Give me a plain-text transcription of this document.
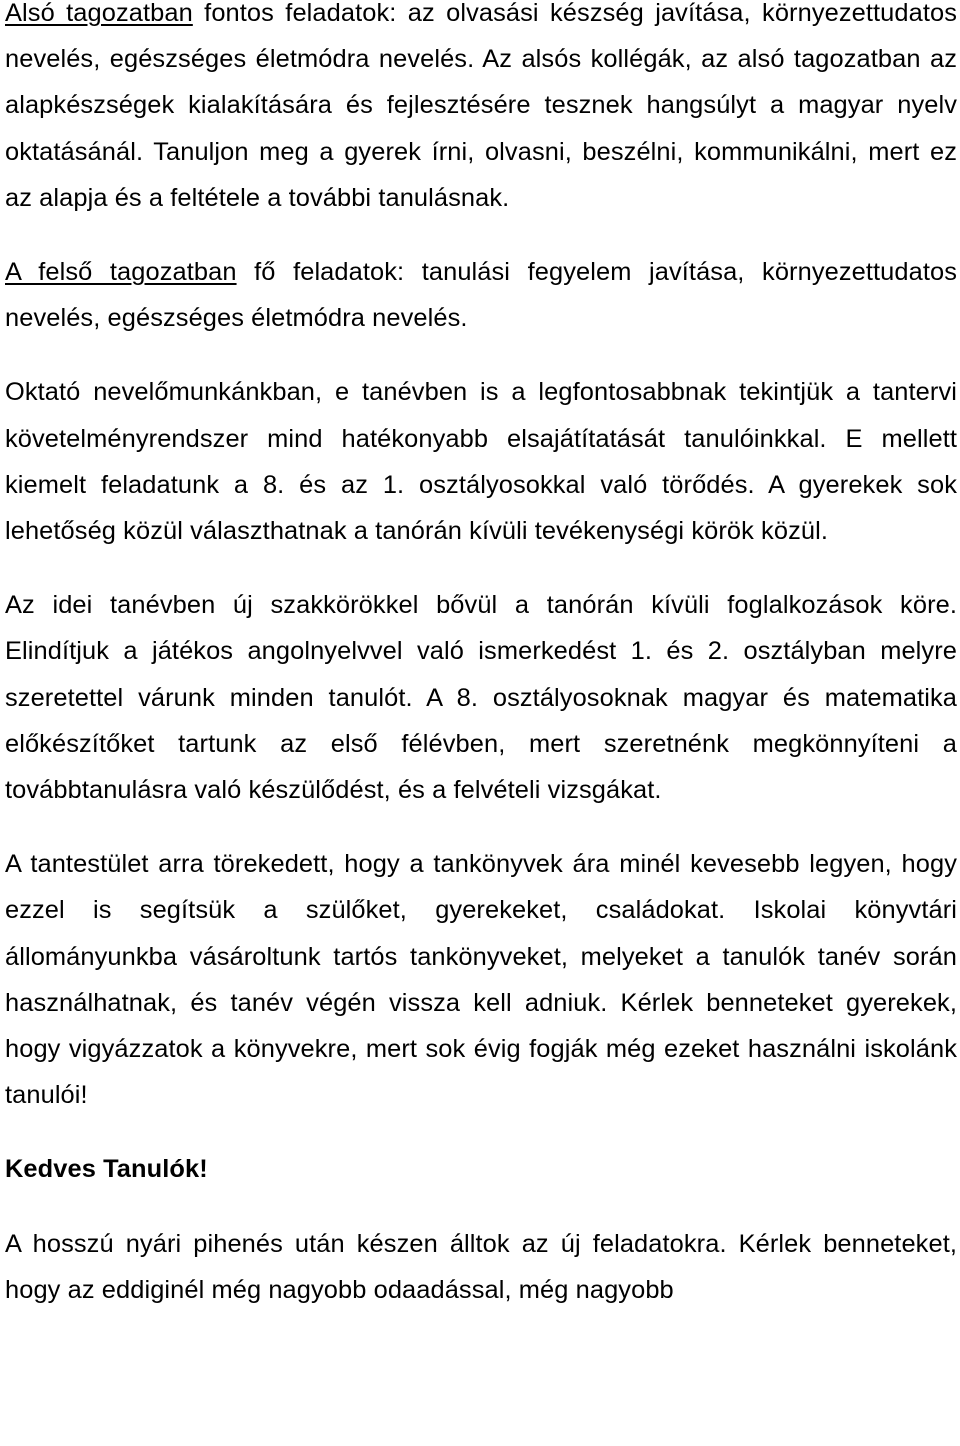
Alsó tagozatban fontos feladatok: az olvasási készség javítása, környezettudatos nevelés, egészséges életmódra nevelés. Az alsós kollégák, az alsó tagozatban az alapkészségek kialakítására és fejlesztésére tesznek hangsúlyt a magyar nyelv oktatásánál. Tanuljon meg a gyerek írni, olvasni, beszélni, kommunikálni, mert ez az alapja és a feltétele a további tanulásnak.

A felső tagozatban fő feladatok: tanulási fegyelem javítása, környezettudatos nevelés, egészséges életmódra nevelés.

Oktató nevelőmunkánkban, e tanévben is a legfontosabbnak tekintjük a tantervi követelményrendszer mind hatékonyabb elsajátítatását tanulóinkkal. E mellett kiemelt feladatunk a 8. és az 1. osztályosokkal való törődés. A gyerekek sok lehetőség közül választhatnak a tanórán kívüli tevékenységi körök közül.

Az idei tanévben új szakkörökkel bővül a tanórán kívüli foglalkozások köre. Elindítjuk a játékos angolnyelvvel való ismerkedést 1. és 2. osztályban melyre szeretettel várunk minden tanulót. A 8. osztályosoknak magyar és matematika előkészítőket tartunk az első félévben, mert szeretnénk megkönnyíteni a továbbtanulásra való készülődést, és a felvételi vizsgákat.

A tantestület arra törekedett, hogy a tankönyvek ára minél kevesebb legyen, hogy ezzel is segítsük a szülőket, gyerekeket, családokat. Iskolai könyvtári állományunkba vásároltunk tartós tankönyveket, melyeket a tanulók tanév során használhatnak, és tanév végén vissza kell adniuk. Kérlek benneteket gyerekek, hogy vigyázzatok a könyvekre, mert sok évig fogják még ezeket használni iskolánk tanulói!

Kedves Tanulók!

A hosszú nyári pihenés után készen álltok az új feladatokra. Kérlek benneteket, hogy az eddiginél még nagyobb odaadással, még nagyobb
